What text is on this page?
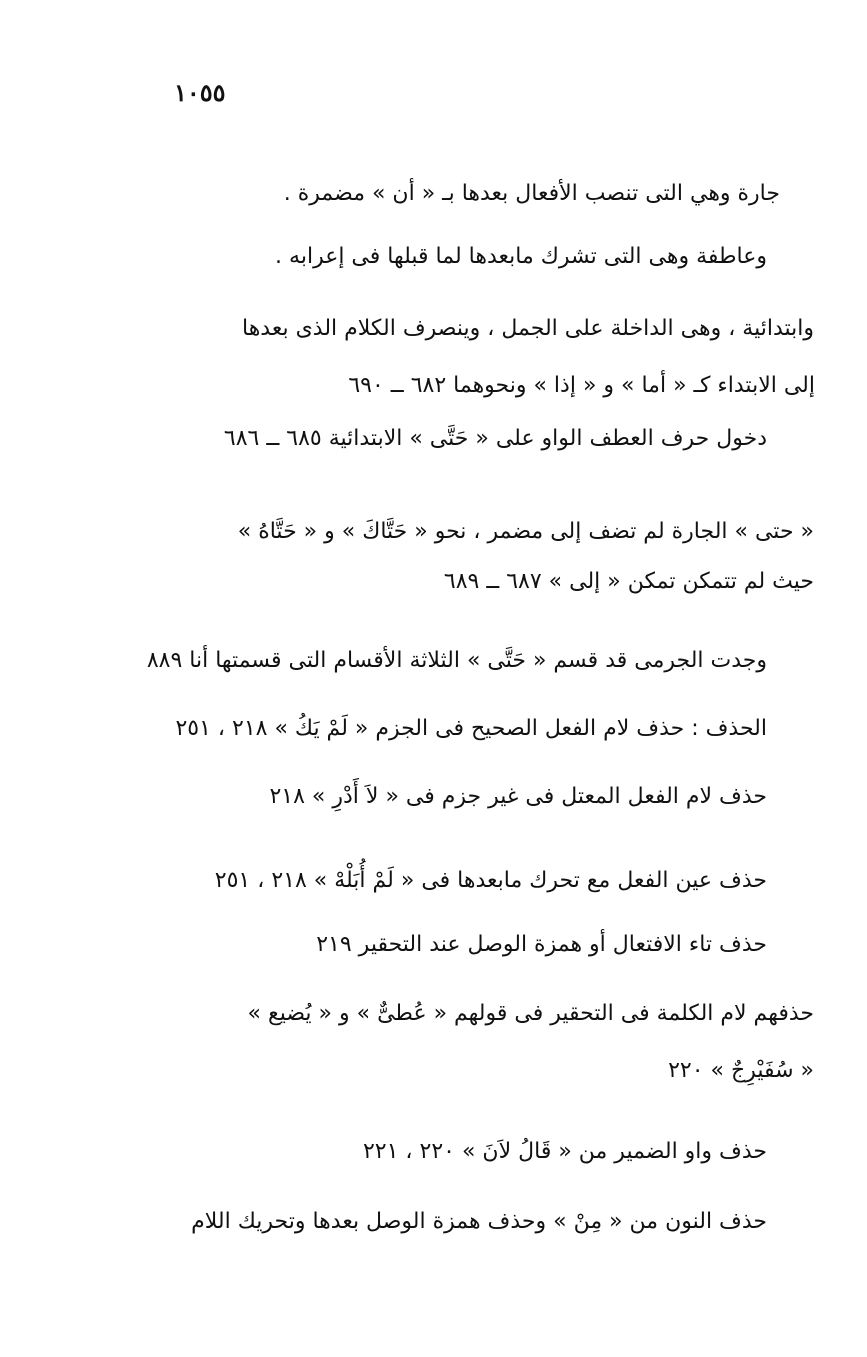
١٠٥٥
جارة وهي التى تنصب الأفعال بعدها بـ « أن » مضمرة .
وعاطفة وهى التى تشرك مابعدها لما قبلها فى إعرابه .
وابتدائية ، وهى الداخلة على الجمل ، وينصرف الكلام الذى بعدها
إلى الابتداء كـ « أما » و « إذا » ونحوهما ٦٨٢ ــ ٦٩٠
دخول حرف العطف الواو على « حَتَّى » الابتدائية ٦٨٥ ــ ٦٨٦
« حتى » الجارة لم تضف إلى مضمر ، نحو « حَتَّاكَ » و « حَتَّاهُ »
حيث لم تتمكن تمكن « إلى » ٦٨٧ ــ ٦٨٩
وجدت الجرمى قد قسم « حَتَّى » الثلاثة الأقسام التى قسمتها أنا ٨٨٩
الحذف : حذف لام الفعل الصحيح فى الجزم « لَمْ يَكُ » ٢١٨ ، ٢٥١
حذف لام الفعل المعتل فى غير جزم فى « لاَ أَدْرِ » ٢١٨
حذف عين الفعل مع تحرك مابعدها فى « لَمْ أُبَلْهْ » ٢١٨ ، ٢٥١
حذف تاء الافتعال أو همزة الوصل عند التحقير ٢١٩
حذفهم لام الكلمة فى التحقير فى قولهم « عُطىٌّ » و « يُضيع »
« سُفَيْرِجٌ » ٢٢٠
حذف واو الضمير من « قَالُ لاَنَ » ٢٢٠ ، ٢٢١
حذف النون من « مِنْ » وحذف همزة الوصل بعدها وتحريك اللام
